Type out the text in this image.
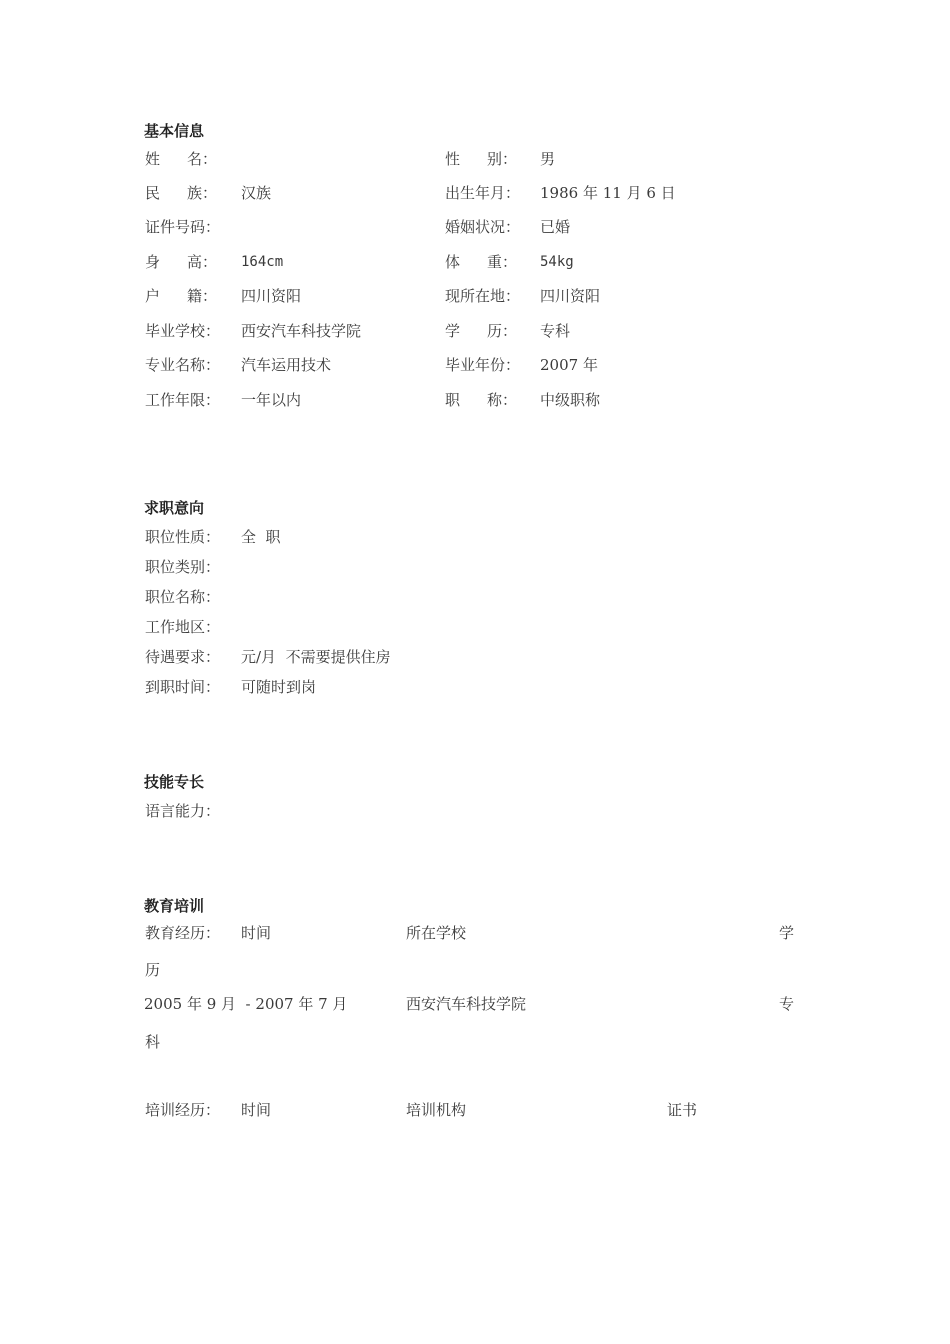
基本信息
姓 名：	性 别： 男
民 族： 汉族	出生年月： 1986 年 11 月 6 日
证件号码：	婚姻状况： 已婚
身 高： 164cm	体 重： 54kg
户 籍： 四川资阳	现所在地： 四川资阳
毕业学校： 西安汽车科技学院	学 历： 专科
专业名称： 汽车运用技术	毕业年份： 2007 年
工作年限： 一年以内	职 称： 中级职称
求职意向
职位性质： 全  职
职位类别：
职位名称：
工作地区：
待遇要求： 元/月  不需要提供住房
到职时间： 可随时到岗
技能专长
语言能力：
教育培训
教育经历： 时间	所在学校	学
历
2005 年 9 月  - 2007 年 7 月	西安汽车科技学院	专
科
培训经历： 时间	培训机构	证书
